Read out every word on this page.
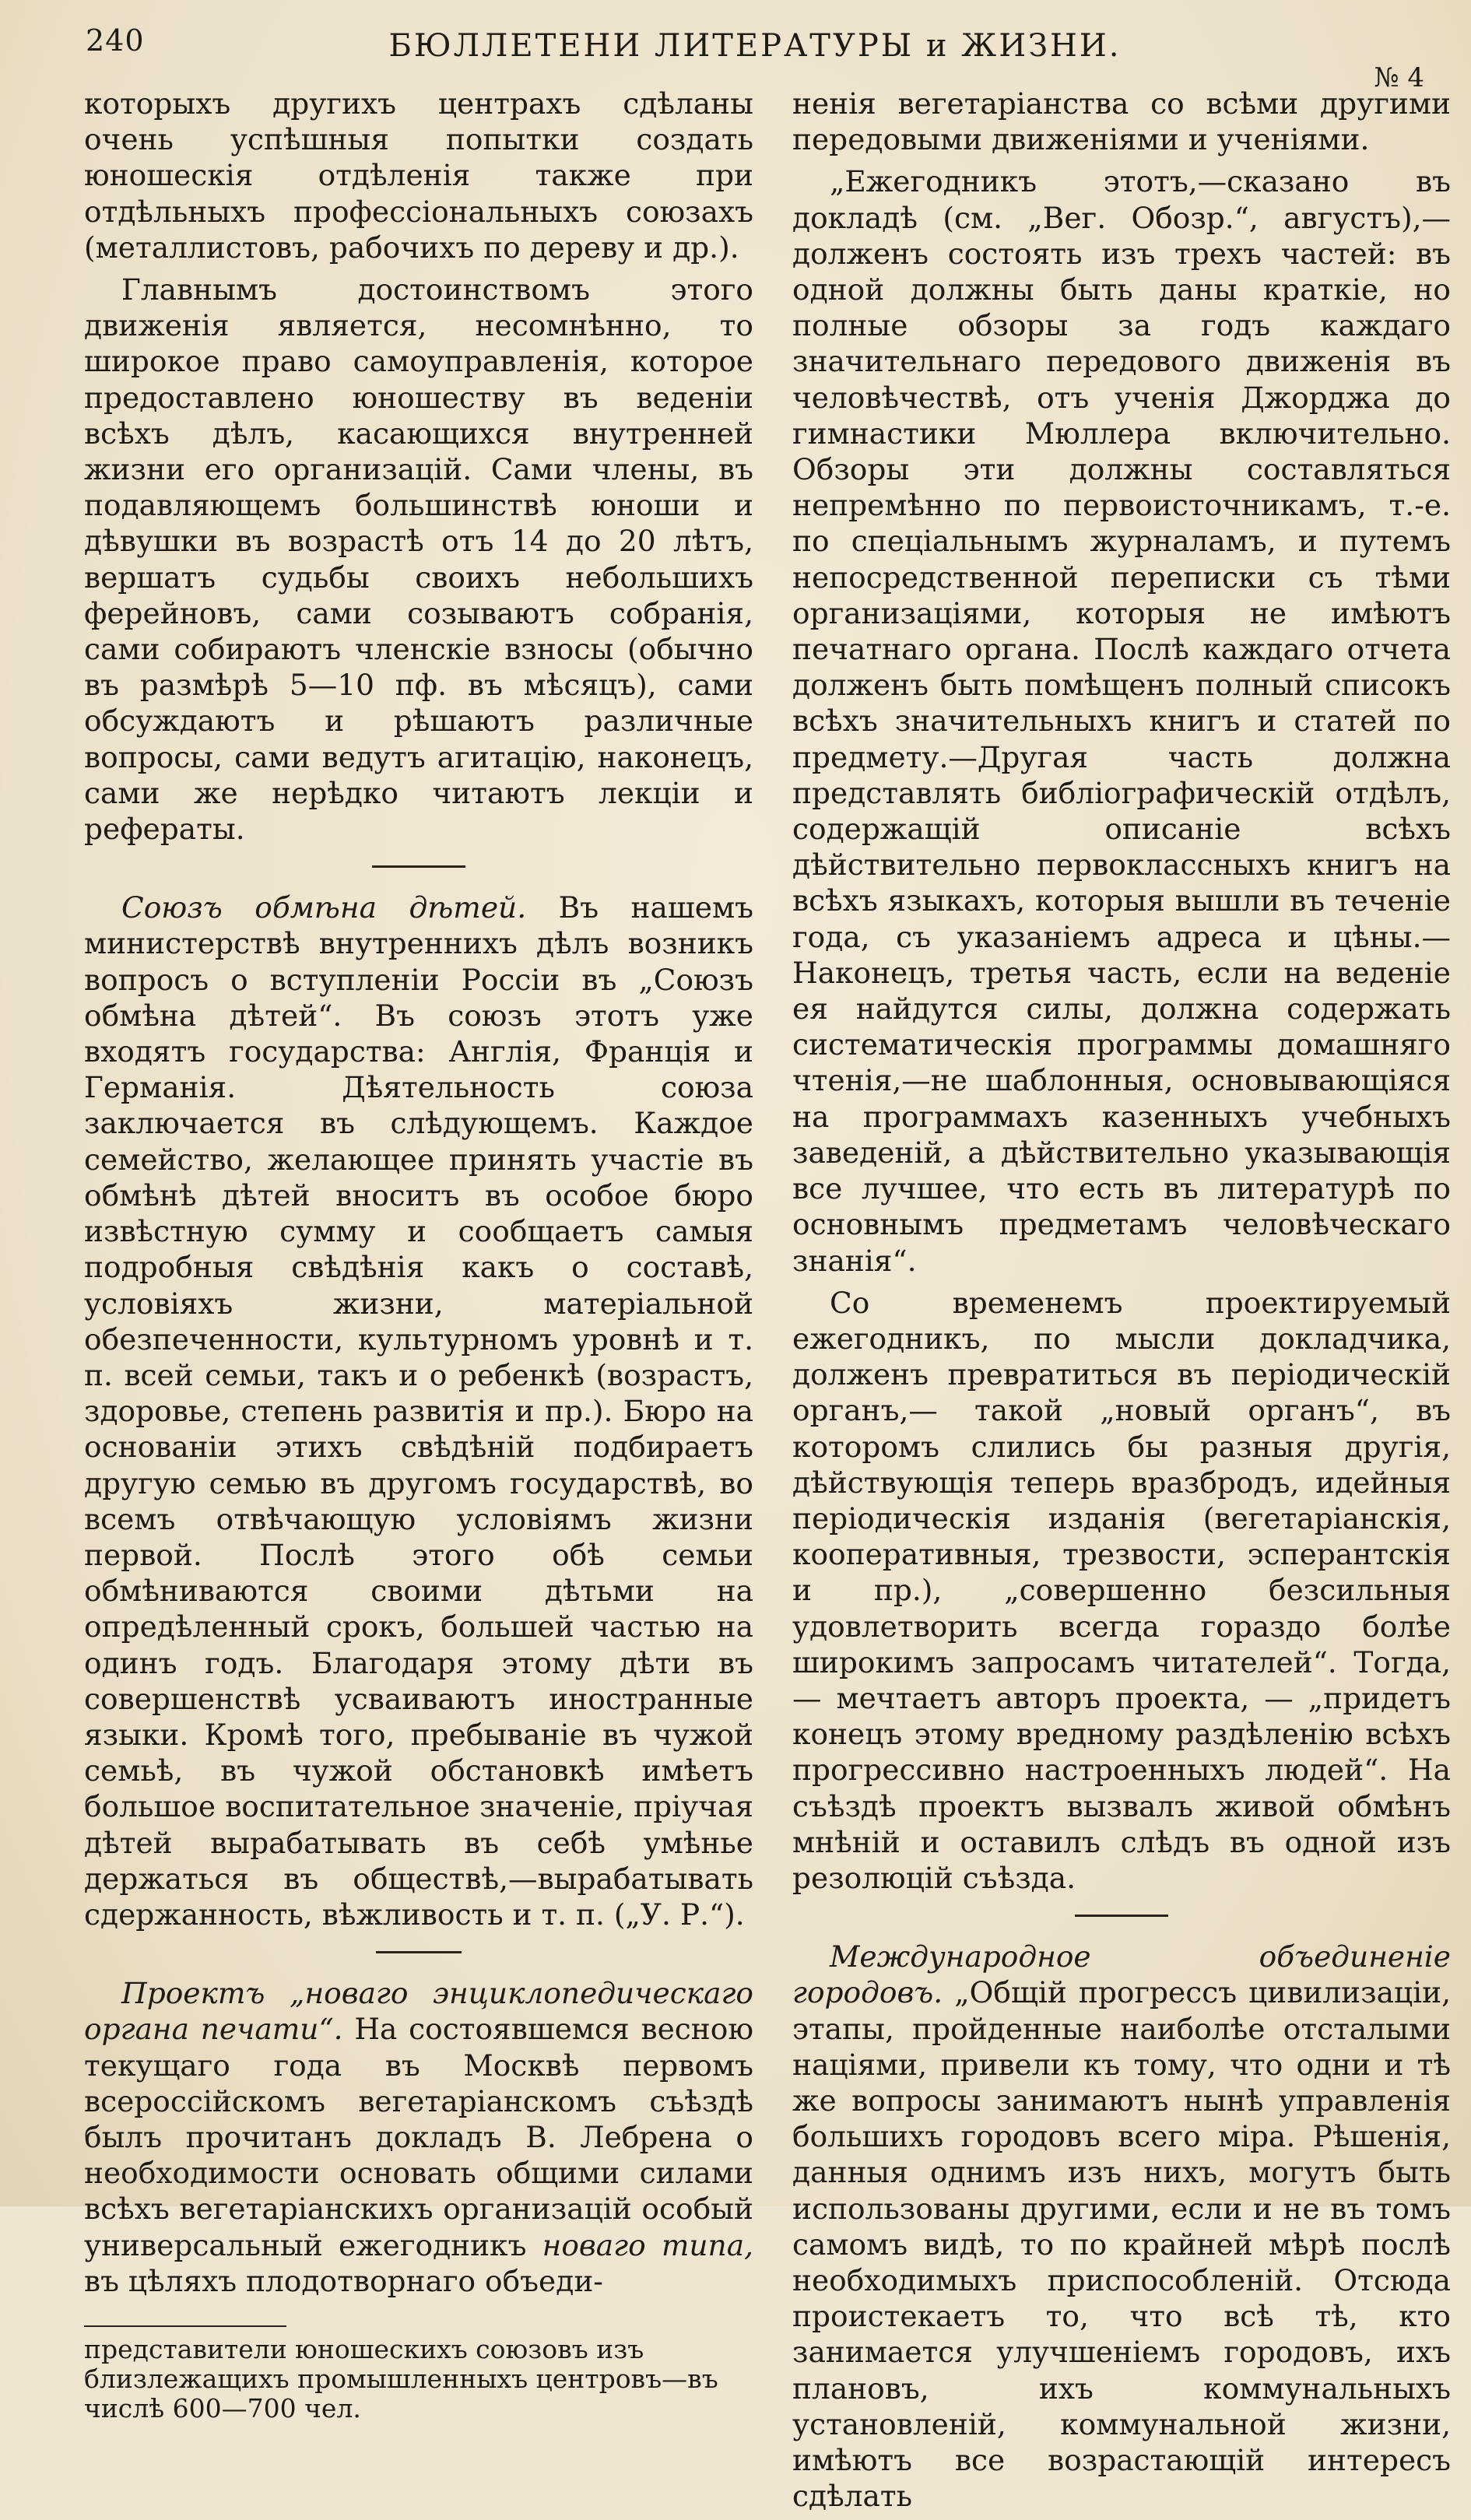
240	БЮЛЛЕТЕНИ ЛИТЕРАТУРЫ и ЖИЗНИ.
№ 4

которыхъ другихъ центрахъ сдѣланы очень успѣшныя попытки создать юношескія отдѣленія также при отдѣльныхъ профессіональныхъ союзахъ (металлистовъ, рабочихъ по дереву и др.).

Главнымъ достоинствомъ этого движенія является, несомнѣнно, то широкое право самоуправленія, которое предоставлено юношеству въ веденіи всѣхъ дѣлъ, касающихся внутренней жизни его организацій. Сами члены, въ подавляющемъ большинствѣ юноши и дѣвушки въ возрастѣ отъ 14 до 20 лѣтъ, вершатъ судьбы своихъ небольшихъ ферейновъ, сами созываютъ собранія, сами собираютъ членскіе взносы (обычно въ размѣрѣ 5—10 пф. въ мѣсяцъ), сами обсуждаютъ и рѣшаютъ различные вопросы, сами ведутъ агитацію, наконецъ, сами же нерѣдко читаютъ лекціи и рефераты.

Союзъ обмѣна дѣтей. Въ нашемъ министерствѣ внутреннихъ дѣлъ возникъ вопросъ о вступленіи Россіи въ „Союзъ обмѣна дѣтей“. Въ союзъ этотъ уже входятъ государства: Англія, Франція и Германія. Дѣятельность союза заключается въ слѣдующемъ. Каждое семейство, желающее принять участіе въ обмѣнѣ дѣтей вноситъ въ особое бюро извѣстную сумму и сообщаетъ самыя подробныя свѣдѣнія какъ о составѣ, условіяхъ жизни, матеріальной обезпеченности, культурномъ уровнѣ и т. п. всей семьи, такъ и о ребенкѣ (возрастъ, здоровье, степень развитія и пр.). Бюро на основаніи этихъ свѣдѣній подбираетъ другую семью въ другомъ государствѣ, во всемъ отвѣчающую условіямъ жизни первой. Послѣ этого обѣ семьи обмѣниваются своими дѣтьми на опредѣленный срокъ, большей частью на одинъ годъ. Благодаря этому дѣти въ совершенствѣ усваиваютъ иностранные языки. Кромѣ того, пребываніе въ чужой семьѣ, въ чужой обстановкѣ имѣетъ большое воспитательное значеніе, пріучая дѣтей вырабатывать въ себѣ умѣнье держаться въ обществѣ,—вырабатывать сдержанность, вѣжливость и т. п. („У. Р.“).

Проектъ „новаго энциклопедическаго органа печати“. На состоявшемся весною текущаго года въ Москвѣ первомъ всероссійскомъ вегетаріанскомъ съѣздѣ былъ прочитанъ докладъ В. Лебрена о необходимости основать общими силами всѣхъ вегетаріанскихъ организацій особый универсальный ежегодникъ новаго типа, въ цѣляхъ плодотворнаго объеди-

представители юношескихъ союзовъ изъ близлежащихъ промышленныхъ центровъ—въ числѣ 600—700 чел.

ненія вегетаріанства со всѣми другими передовыми движеніями и ученіями.

„Ежегодникъ этотъ,—сказано въ докладѣ (см. „Вег. Обозр.“, августъ),—долженъ состоять изъ трехъ частей: въ одной должны быть даны краткіе, но полные обзоры за годъ каждаго значительнаго передового движенія въ человѣчествѣ, отъ ученія Джорджа до гимнастики Мюллера включительно. Обзоры эти должны составляться непремѣнно по первоисточникамъ, т.-е. по спеціальнымъ журналамъ, и путемъ непосредственной переписки съ тѣми организаціями, которыя не имѣютъ печатнаго органа. Послѣ каждаго отчета долженъ быть помѣщенъ полный списокъ всѣхъ значительныхъ книгъ и статей по предмету.—Другая часть должна представлять библіографическій отдѣлъ, содержащій описаніе всѣхъ дѣйствительно первоклассныхъ книгъ на всѣхъ языкахъ, которыя вышли въ теченіе года, съ указаніемъ адреса и цѣны.—Наконецъ, третья часть, если на веденіе ея найдутся силы, должна содержать систематическія программы домашняго чтенія,—не шаблонныя, основывающіяся на программахъ казенныхъ учебныхъ заведеній, а дѣйствительно указывающія все лучшее, что есть въ литературѣ по основнымъ предметамъ человѣческаго знанія“.

Со временемъ проектируемый ежегодникъ, по мысли докладчика, долженъ превратиться въ періодическій органъ,— такой „новый органъ“, въ которомъ слились бы разныя другія, дѣйствующія теперь вразбродъ, идейныя періодическія изданія (вегетаріанскія, кооперативныя, трезвости, эсперантскія и пр.), „совершенно безсильныя удовлетворить всегда гораздо болѣе широкимъ запросамъ читателей“. Тогда,— мечтаетъ авторъ проекта, — „придетъ конецъ этому вредному раздѣленію всѣхъ прогрессивно настроенныхъ людей“. На съѣздѣ проектъ вызвалъ живой обмѣнъ мнѣній и оставилъ слѣдъ въ одной изъ резолюцій съѣзда.

Международное объединеніе городовъ. „Общій прогрессъ цивилизаціи, этапы, пройденные наиболѣе отсталыми націями, привели къ тому, что одни и тѣ же вопросы занимаютъ нынѣ управленія большихъ городовъ всего міра. Рѣшенія, данныя однимъ изъ нихъ, могутъ быть использованы другими, если и не въ томъ самомъ видѣ, то по крайней мѣрѣ послѣ необходимыхъ приспособленій. Отсюда проистекаетъ то, что всѣ тѣ, кто занимается улучшеніемъ городовъ, ихъ плановъ, ихъ коммунальныхъ установленій, коммунальной жизни, имѣютъ все возрастающій интересъ сдѣлать
